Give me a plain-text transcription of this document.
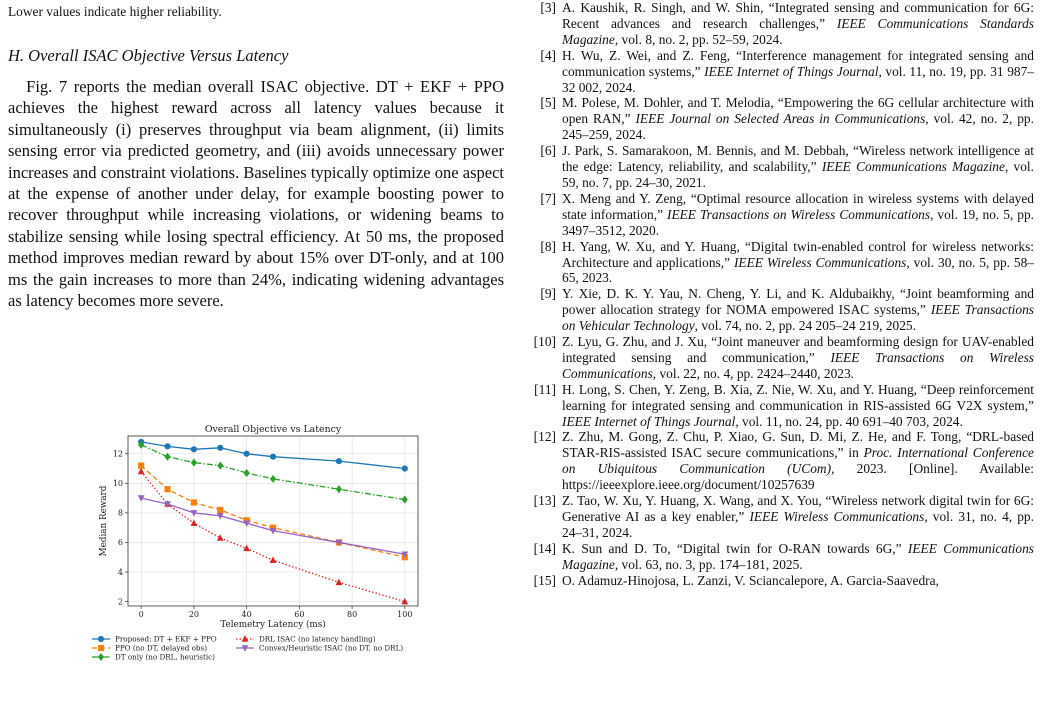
Lower values indicate higher reliability.
H. Overall ISAC Objective Versus Latency

Fig. 7 reports the median overall ISAC objective. DT + EKF + PPO achieves the highest reward across all latency values because it simultaneously (i) preserves throughput via beam alignment, (ii) limits sensing error via predicted geometry, and (iii) avoids unnecessary power increases and constraint violations. Baselines typically optimize one aspect at the expense of another under delay, for example boosting power to recover throughput while increasing violations, or widening beams to stabilize sensing while losing spectral efficiency. At 50 ms, the proposed method improves median reward by about 15% over DT-only, and at 100 ms the gain increases to more than 24%, indicating widening advantages as latency becomes more severe.

0	20	40	60	80	100
2
4
6
8
10
12
Overall Objective vs Latency
Telemetry Latency (ms)
Median Reward
Proposed: DT + EKF + PPO
PPO (no DT, delayed obs)
DT only (no DRL, heuristic)
DRL ISAC (no latency handling)
Convex/Heuristic ISAC (no DT, no DRL)
[ 3 ] A. Kaushik, R. Singh, and W. Shin, “Integrated sensing and communication for 6G: Recent advances and research challenges,” IEEE Communications Standards Magazine, vol. 8, no. 2, pp. 52–59, 2024.
[ 4 ] H. Wu, Z. Wei, and Z. Feng, “Interference management for integrated sensing and communication systems,” IEEE Internet of Things Journal, vol. 11, no. 19, pp. 31 987–32 002, 2024.
[ 5 ] M. Polese, M. Dohler, and T. Melodia, “Empowering the 6G cellular architecture with open RAN,” IEEE Journal on Selected Areas in Communications, vol. 42, no. 2, pp. 245–259, 2024.
[ 6 ] J. Park, S. Samarakoon, M. Bennis, and M. Debbah, “Wireless network intelligence at the edge: Latency, reliability, and scalability,” IEEE Communications Magazine, vol. 59, no. 7, pp. 24–30, 2021.
[ 7 ] X. Meng and Y. Zeng, “Optimal resource allocation in wireless systems with delayed state information,” IEEE Transactions on Wireless Communications, vol. 19, no. 5, pp. 3497–3512, 2020.
[ 8 ] H. Yang, W. Xu, and Y. Huang, “Digital twin-enabled control for wireless networks: Architecture and applications,” IEEE Wireless Communications, vol. 30, no. 5, pp. 58–65, 2023.
[ 9 ] Y. Xie, D. K. Y. Yau, N. Cheng, Y. Li, and K. Aldubaikhy, “Joint beamforming and power allocation strategy for NOMA empowered ISAC systems,” IEEE Transactions on Vehicular Technology, vol. 74, no. 2, pp. 24 205–24 219, 2025.
[ 10 ] Z. Lyu, G. Zhu, and J. Xu, “Joint maneuver and beamforming design for UAV-enabled integrated sensing and communication,” IEEE Transactions on Wireless Communications, vol. 22, no. 4, pp. 2424–2440, 2023.
[ 11 ] H. Long, S. Chen, Y. Zeng, B. Xia, Z. Nie, W. Xu, and Y. Huang, “Deep reinforcement learning for integrated sensing and communication in RIS-assisted 6G V2X system,” IEEE Internet of Things Journal, vol. 11, no. 24, pp. 40 691–40 703, 2024.
[ 12 ] Z. Zhu, M. Gong, Z. Chu, P. Xiao, G. Sun, D. Mi, Z. He, and F. Tong, “DRL-based STAR-RIS-assisted ISAC secure communications,” in Proc. International Conference on Ubiquitous Communication (UCom), 2023. [Online]. Available: https://ieeexplore.ieee.org/document/10257639
[ 13 ] Z. Tao, W. Xu, Y. Huang, X. Wang, and X. You, “Wireless network digital twin for 6G: Generative AI as a key enabler,” IEEE Wireless Communications, vol. 31, no. 4, pp. 24–31, 2024.
[ 14 ] K. Sun and D. To, “Digital twin for O-RAN towards 6G,” IEEE Communications Magazine, vol. 63, no. 3, pp. 174–181, 2025.
[ 15 ] O. Adamuz-Hinojosa, L. Zanzi, V. Sciancalepore, A. Garcia-Saavedra,
